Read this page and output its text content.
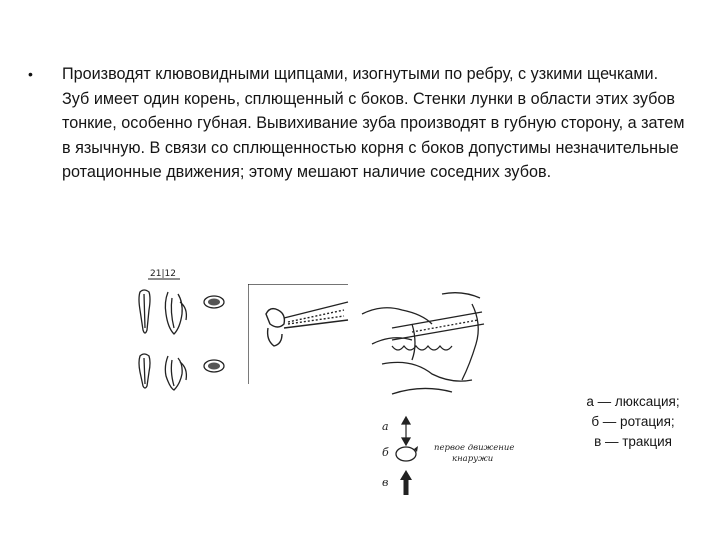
• Производят клювовидными щипцами, изогнутыми по ребру, с узкими щечками. Зуб имеет один корень, сплющенный с боков. Стенки лунки в области этих зубов тонкие, особенно губная. Вывихивание зуба производят в губную сторону, а затем в язычную. В связи со сплющенностью корня с боков допустимы незначительные ротационные движения; этому мешают наличие соседних зубов.
21|12
а
б	первое движение
кнаружи
в
а — люксация;
б — ротация;
в — тракция
